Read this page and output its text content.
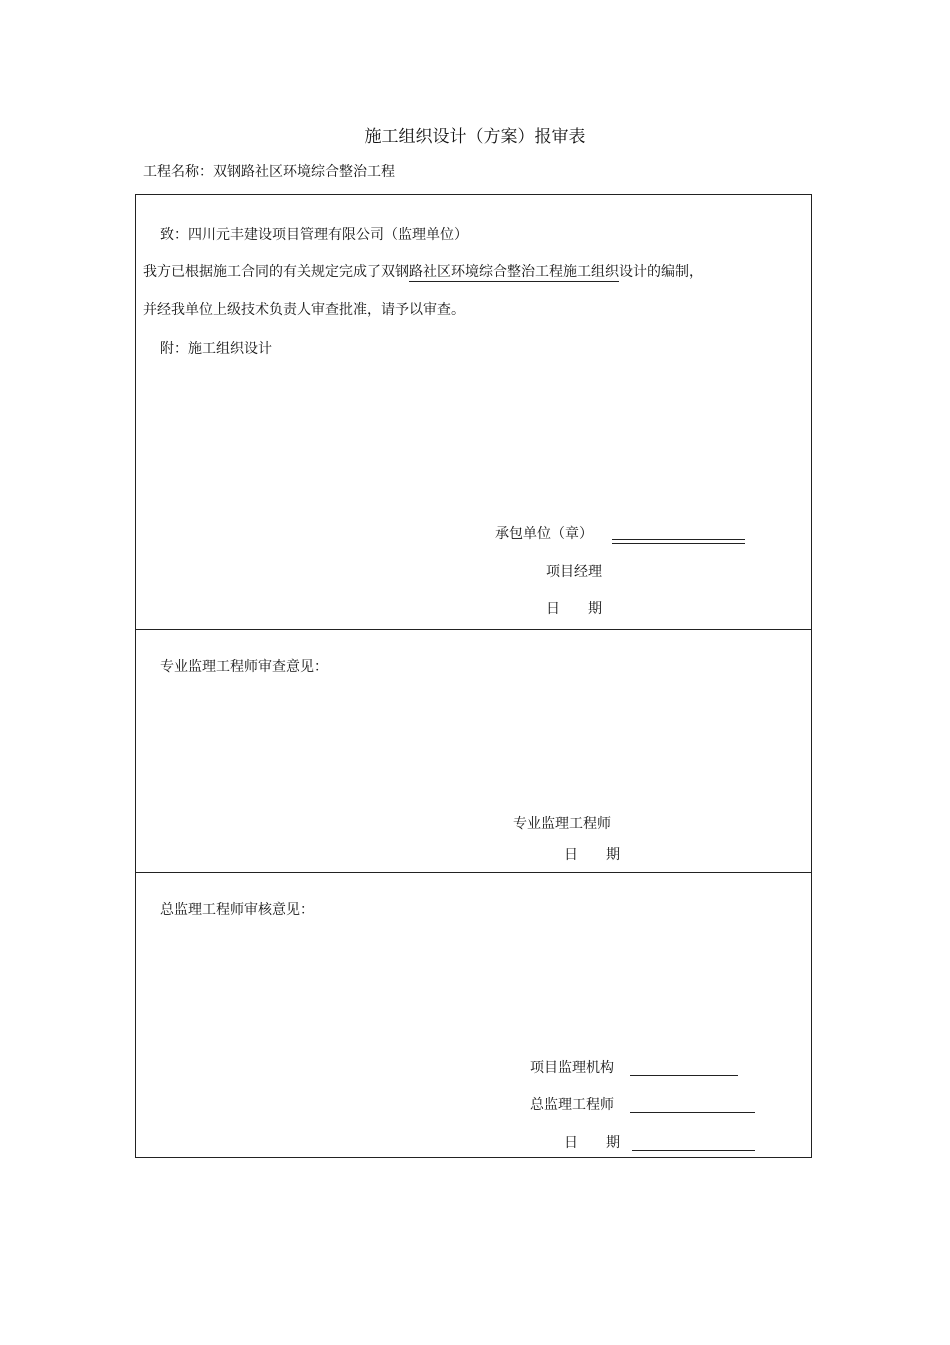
施工组织设计（方案）报审表
工程名称：双钢路社区环境综合整治工程
致：四川元丰建设项目管理有限公司（监理单位）
我方已根据施工合同的有关规定完成了双钢路社区环境综合整治工程施工组织设计的编制，
并经我单位上级技术负责人审查批准，请予以审查。
附：施工组织设计
承包单位（章）
项目经理
日　　期
专业监理工程师审查意见：
专业监理工程师
日　　期
总监理工程师审核意见：
项目监理机构
总监理工程师
日　　期
